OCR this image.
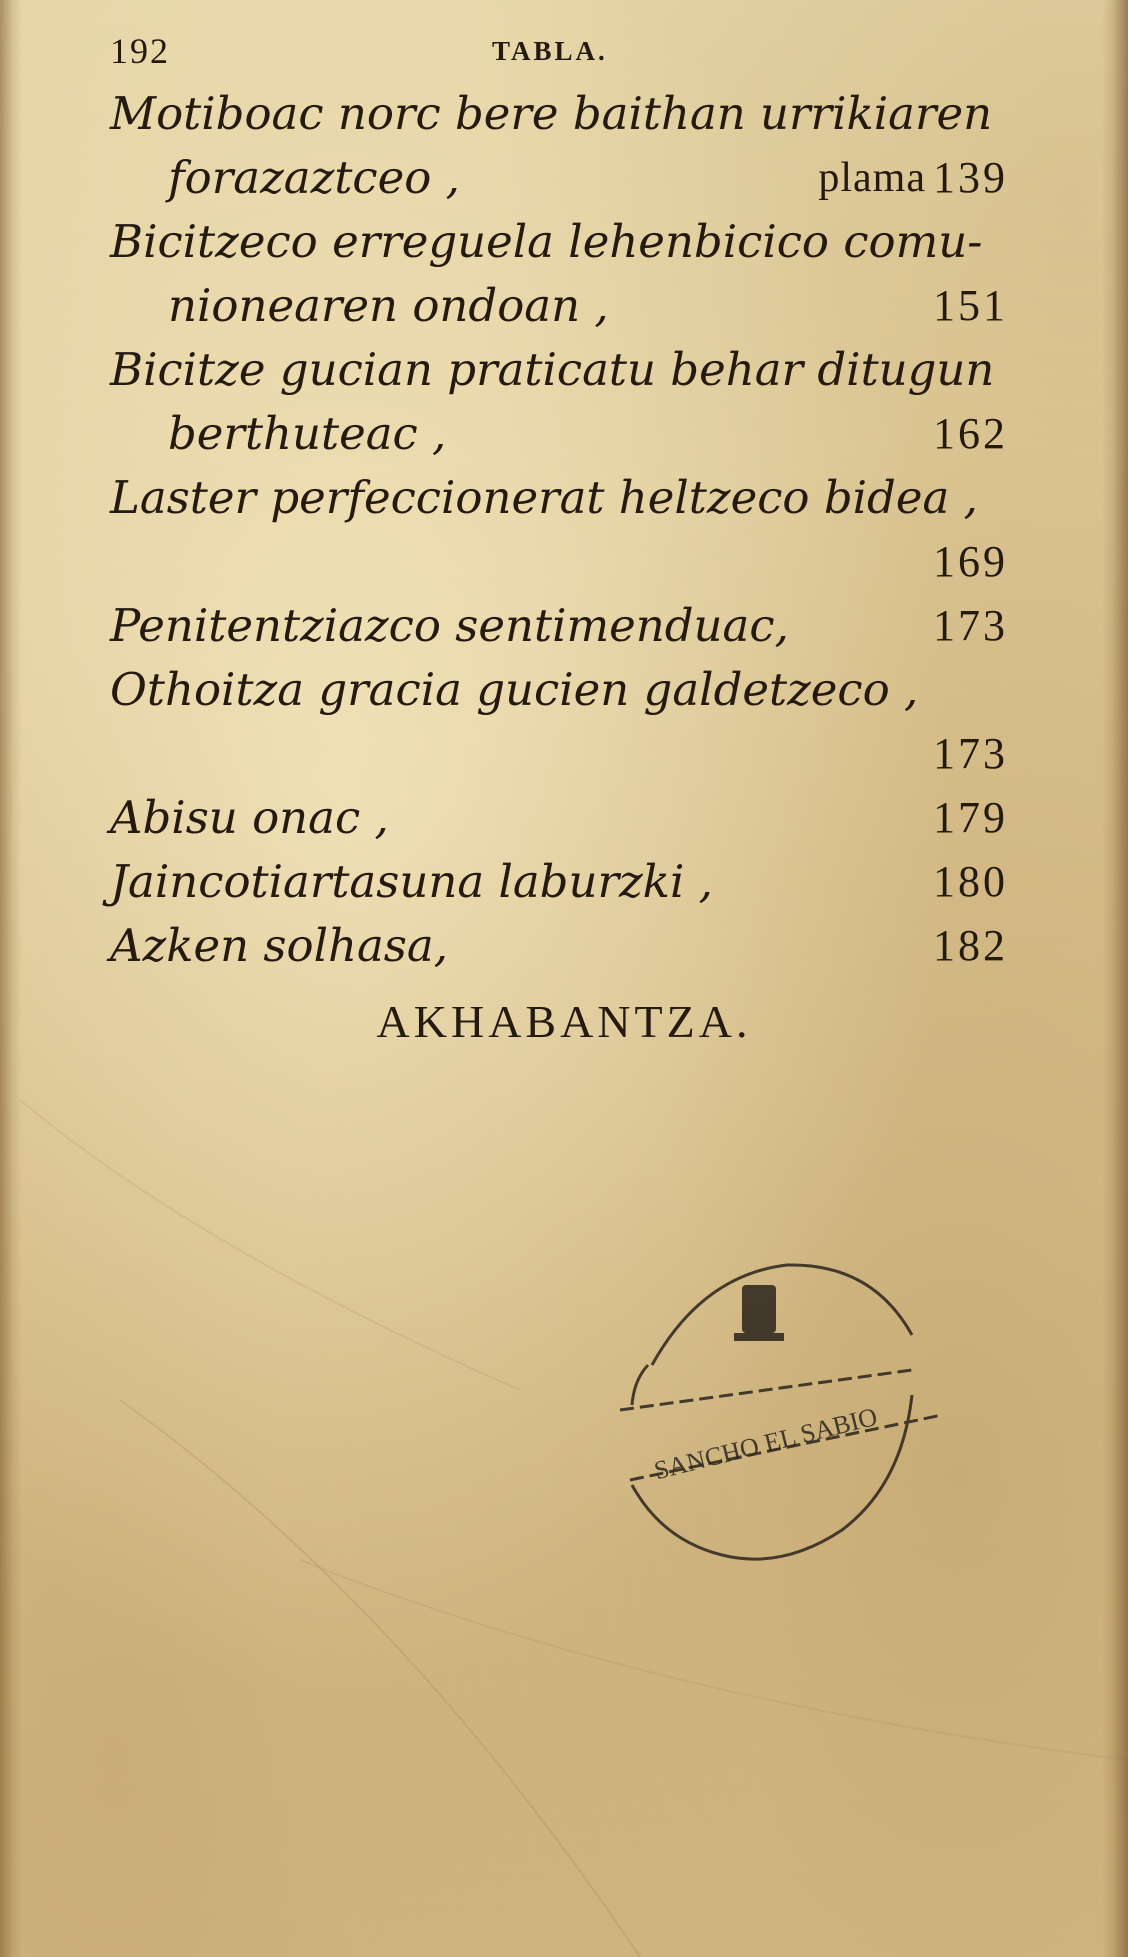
192	TABLA.
Motiboac norc bere baithan urrikiaren
forazaztceo ,	plama 139
Bicitzeco erreguela lehenbicico comu-
nionearen ondoan ,	151
Bicitze gucian praticatu behar ditugun
berthuteac ,	162
Laster perfeccionerat heltzeco bidea ,
169
Penitentziazco sentimenduac,	173
Othoitza gracia gucien galdetzeco ,
173
Abisu onac ,	179
Jaincotiartasuna laburzki ,	180
Azken solhasa,	182
AKHABANTZA.
SANCHO EL SABIO
